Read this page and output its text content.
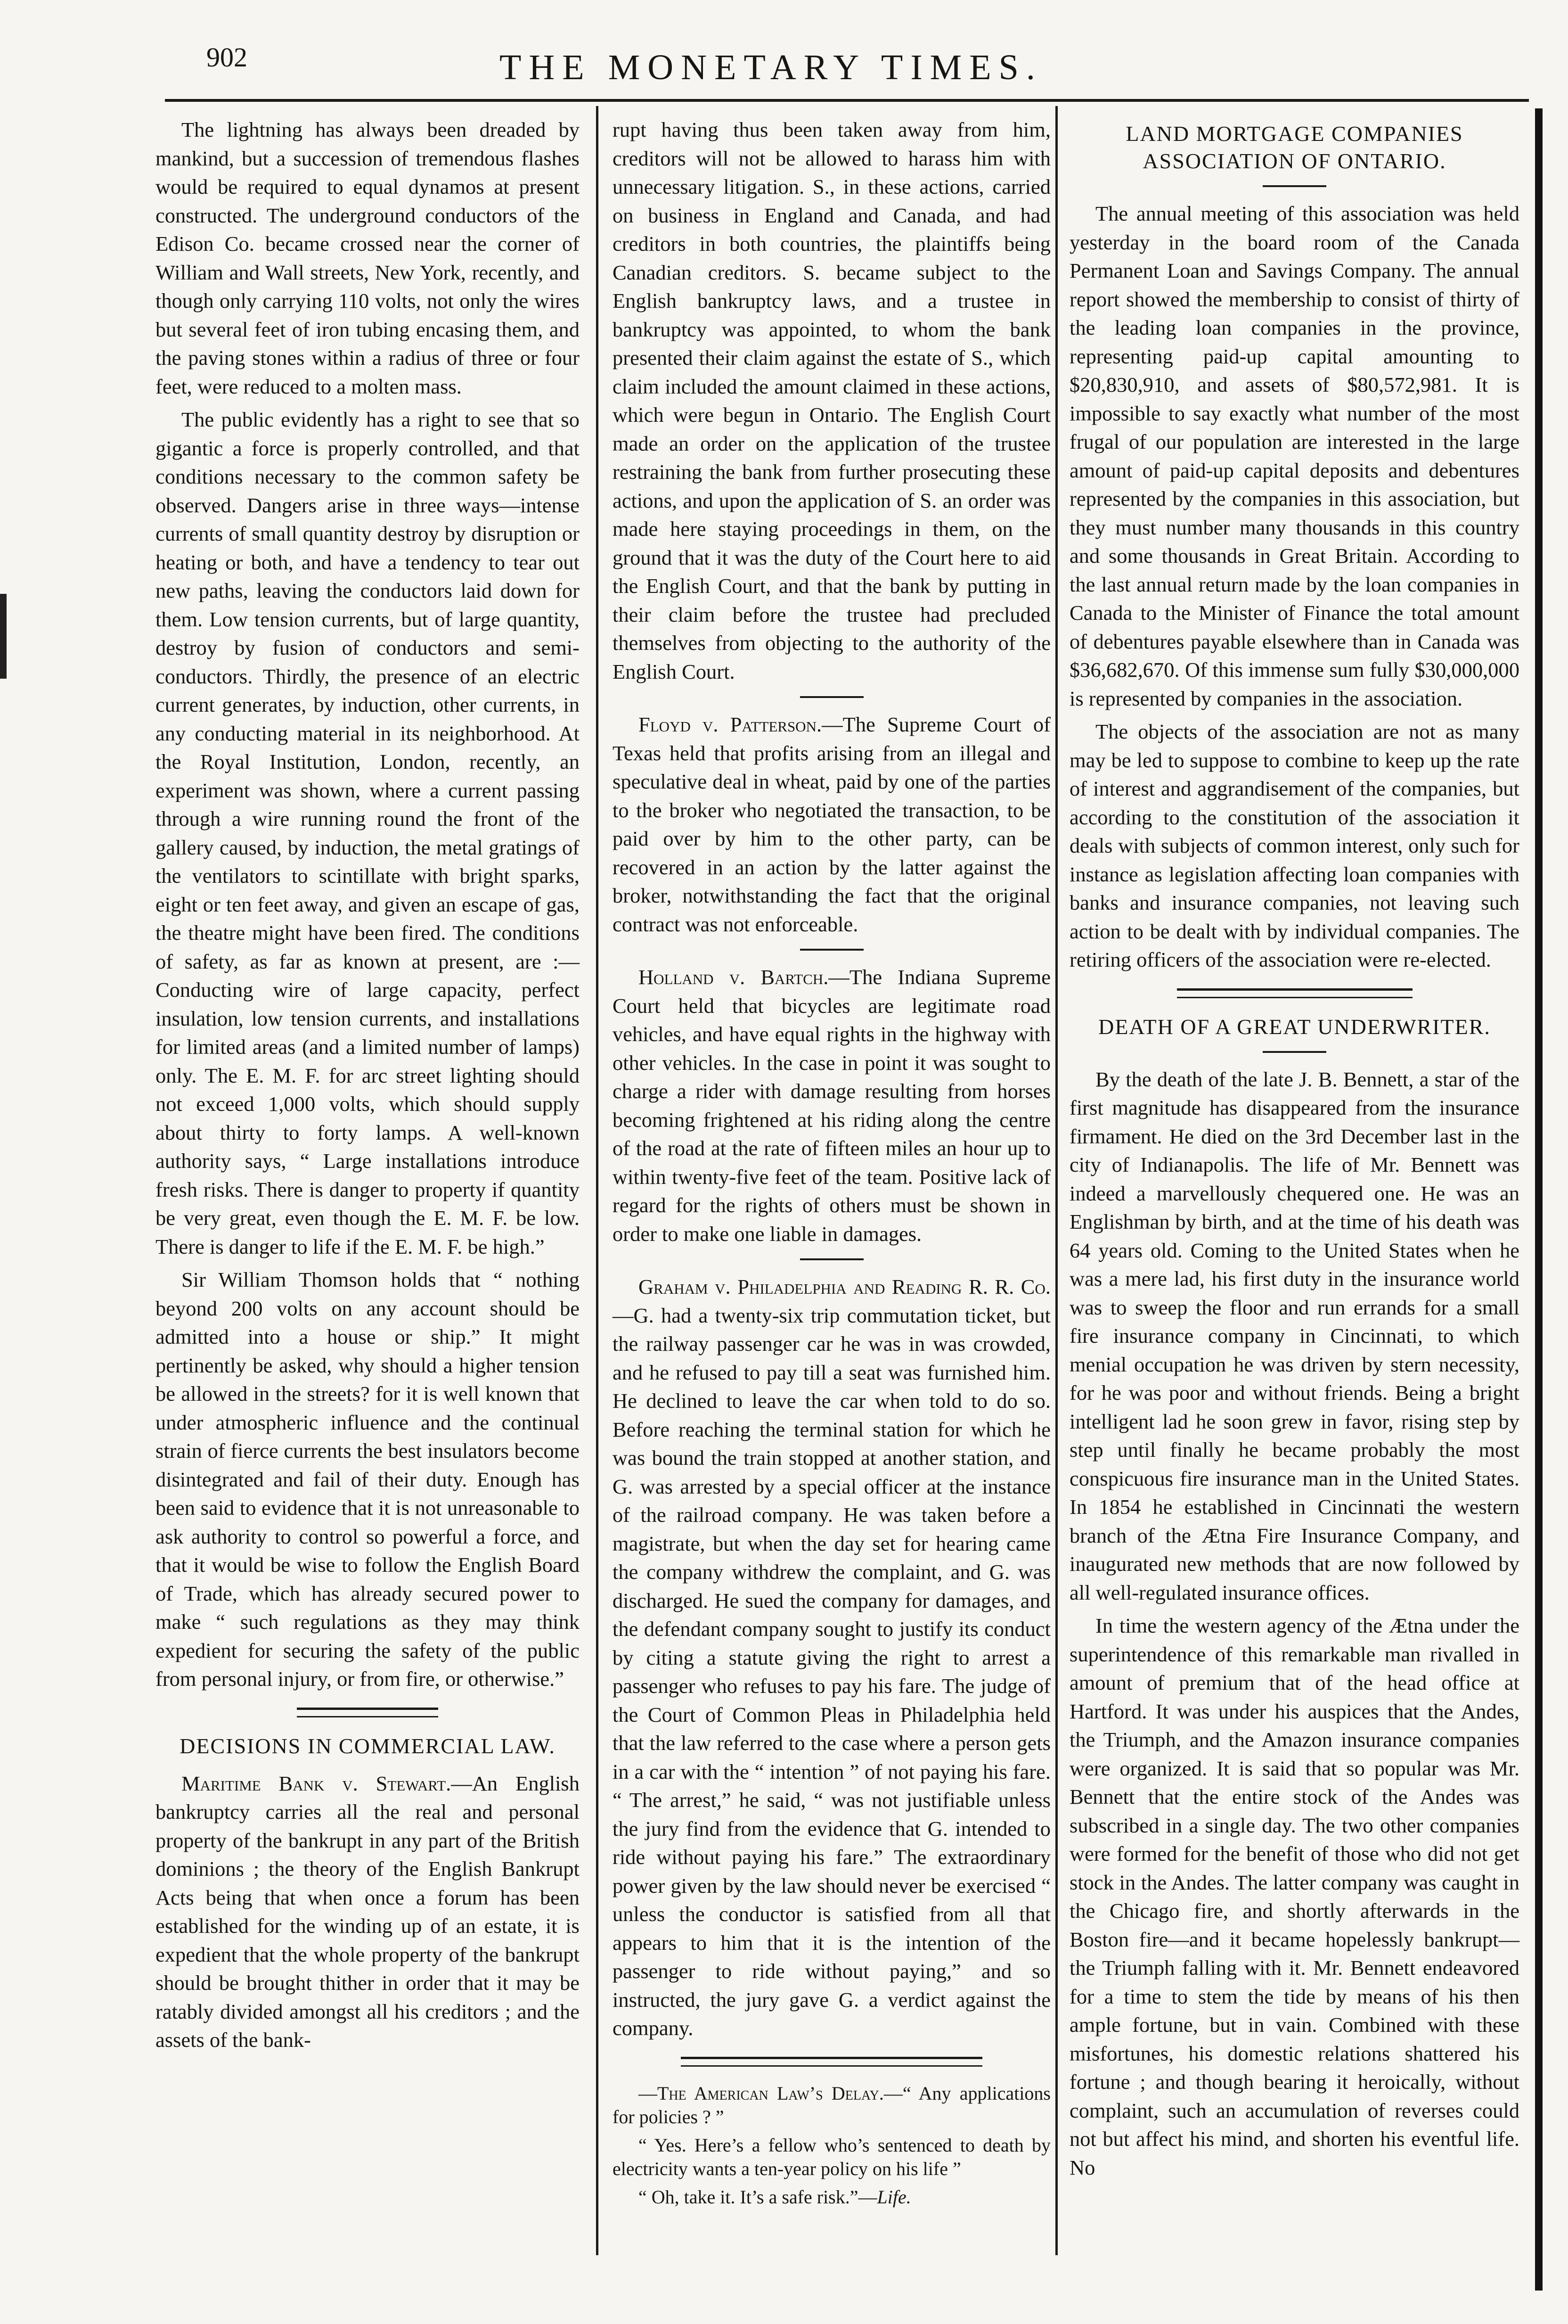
902	THE MONETARY TIMES.

The lightning has always been dreaded by mankind, but a succession of tremendous flashes would be required to equal dynamos at present constructed. The underground conductors of the Edison Co. became crossed near the corner of William and Wall streets, New York, recently, and though only carrying 110 volts, not only the wires but several feet of iron tubing encasing them, and the paving stones within a radius of three or four feet, were reduced to a molten mass.

The public evidently has a right to see that so gigantic a force is properly controlled, and that conditions necessary to the common safety be observed. Dangers arise in three ways—intense currents of small quantity destroy by disruption or heating or both, and have a tendency to tear out new paths, leaving the conductors laid down for them. Low tension currents, but of large quantity, destroy by fusion of conductors and semi-conductors. Thirdly, the presence of an electric current generates, by induction, other currents, in any conducting material in its neighborhood. At the Royal Institution, London, recently, an experiment was shown, where a current passing through a wire running round the front of the gallery caused, by induction, the metal gratings of the ventilators to scintillate with bright sparks, eight or ten feet away, and given an escape of gas, the theatre might have been fired. The conditions of safety, as far as known at present, are :—Conducting wire of large capacity, perfect insulation, low tension currents, and installations for limited areas (and a limited number of lamps) only. The E. M. F. for arc street lighting should not exceed 1,000 volts, which should supply about thirty to forty lamps. A well-known authority says, “ Large installations introduce fresh risks. There is danger to property if quantity be very great, even though the E. M. F. be low. There is danger to life if the E. M. F. be high.”

Sir William Thomson holds that “ nothing beyond 200 volts on any account should be admitted into a house or ship.” It might pertinently be asked, why should a higher tension be allowed in the streets? for it is well known that under atmospheric influence and the continual strain of fierce currents the best insulators become disintegrated and fail of their duty. Enough has been said to evidence that it is not unreasonable to ask authority to control so powerful a force, and that it would be wise to follow the English Board of Trade, which has already secured power to make “ such regulations as they may think expedient for securing the safety of the public from personal injury, or from fire, or otherwise.”

DECISIONS IN COMMERCIAL LAW.

Maritime Bank v. Stewart.—An English bankruptcy carries all the real and personal property of the bankrupt in any part of the British dominions ; the theory of the English Bankrupt Acts being that when once a forum has been established for the winding up of an estate, it is expedient that the whole property of the bankrupt should be brought thither in order that it may be ratably divided amongst all his creditors ; and the assets of the bank-

rupt having thus been taken away from him, creditors will not be allowed to harass him with unnecessary litigation. S., in these actions, carried on business in England and Canada, and had creditors in both countries, the plaintiffs being Canadian creditors. S. became subject to the English bankruptcy laws, and a trustee in bankruptcy was appointed, to whom the bank presented their claim against the estate of S., which claim included the amount claimed in these actions, which were begun in Ontario. The English Court made an order on the application of the trustee restraining the bank from further prosecuting these actions, and upon the application of S. an order was made here staying proceedings in them, on the ground that it was the duty of the Court here to aid the English Court, and that the bank by putting in their claim before the trustee had precluded themselves from objecting to the authority of the English Court.

Floyd v. Patterson.—The Supreme Court of Texas held that profits arising from an illegal and speculative deal in wheat, paid by one of the parties to the broker who negotiated the transaction, to be paid over by him to the other party, can be recovered in an action by the latter against the broker, notwithstanding the fact that the original contract was not enforceable.

Holland v. Bartch.—The Indiana Supreme Court held that bicycles are legitimate road vehicles, and have equal rights in the highway with other vehicles. In the case in point it was sought to charge a rider with damage resulting from horses becoming frightened at his riding along the centre of the road at the rate of fifteen miles an hour up to within twenty-five feet of the team. Positive lack of regard for the rights of others must be shown in order to make one liable in damages.

Graham v. Philadelphia and Reading R. R. Co.—G. had a twenty-six trip commutation ticket, but the railway passenger car he was in was crowded, and he refused to pay till a seat was furnished him. He declined to leave the car when told to do so. Before reaching the terminal station for which he was bound the train stopped at another station, and G. was arrested by a special officer at the instance of the railroad company. He was taken before a magistrate, but when the day set for hearing came the company withdrew the complaint, and G. was discharged. He sued the company for damages, and the defendant company sought to justify its conduct by citing a statute giving the right to arrest a passenger who refuses to pay his fare. The judge of the Court of Common Pleas in Philadelphia held that the law referred to the case where a person gets in a car with the “ intention ” of not paying his fare. “ The arrest,” he said, “ was not justifiable unless the jury find from the evidence that G. intended to ride without paying his fare.” The extraordinary power given by the law should never be exercised “ unless the conductor is satisfied from all that appears to him that it is the intention of the passenger to ride without paying,” and so instructed, the jury gave G. a verdict against the company.

—The American Law’s Delay.—“ Any applications for policies ? ”

“ Yes. Here’s a fellow who’s sentenced to death by electricity wants a ten-year policy on his life ”

“ Oh, take it. It’s a safe risk.”—Life.

LAND MORTGAGE COMPANIES ASSOCIATION OF ONTARIO.

The annual meeting of this association was held yesterday in the board room of the Canada Permanent Loan and Savings Company. The annual report showed the membership to consist of thirty of the leading loan companies in the province, representing paid-up capital amounting to $20,830,910, and assets of $80,572,981. It is impossible to say exactly what number of the most frugal of our population are interested in the large amount of paid-up capital deposits and debentures represented by the companies in this association, but they must number many thousands in this country and some thousands in Great Britain. According to the last annual return made by the loan companies in Canada to the Minister of Finance the total amount of debentures payable elsewhere than in Canada was $36,682,670. Of this immense sum fully $30,000,000 is represented by companies in the association.

The objects of the association are not as many may be led to suppose to combine to keep up the rate of interest and aggrandisement of the companies, but according to the constitution of the association it deals with subjects of common interest, only such for instance as legislation affecting loan companies with banks and insurance companies, not leaving such action to be dealt with by individual companies. The retiring officers of the association were re-elected.

DEATH OF A GREAT UNDERWRITER.

By the death of the late J. B. Bennett, a star of the first magnitude has disappeared from the insurance firmament. He died on the 3rd December last in the city of Indianapolis. The life of Mr. Bennett was indeed a marvellously chequered one. He was an Englishman by birth, and at the time of his death was 64 years old. Coming to the United States when he was a mere lad, his first duty in the insurance world was to sweep the floor and run errands for a small fire insurance company in Cincinnati, to which menial occupation he was driven by stern necessity, for he was poor and without friends. Being a bright intelligent lad he soon grew in favor, rising step by step until finally he became probably the most conspicuous fire insurance man in the United States. In 1854 he established in Cincinnati the western branch of the Ætna Fire Insurance Company, and inaugurated new methods that are now followed by all well-regulated insurance offices.

In time the western agency of the Ætna under the superintendence of this remarkable man rivalled in amount of premium that of the head office at Hartford. It was under his auspices that the Andes, the Triumph, and the Amazon insurance companies were organized. It is said that so popular was Mr. Bennett that the entire stock of the Andes was subscribed in a single day. The two other companies were formed for the benefit of those who did not get stock in the Andes. The latter company was caught in the Chicago fire, and shortly afterwards in the Boston fire—and it became hopelessly bankrupt—the Triumph falling with it. Mr. Bennett endeavored for a time to stem the tide by means of his then ample fortune, but in vain. Combined with these misfortunes, his domestic relations shattered his fortune ; and though bearing it heroically, without complaint, such an accumulation of reverses could not but affect his mind, and shorten his eventful life. No
